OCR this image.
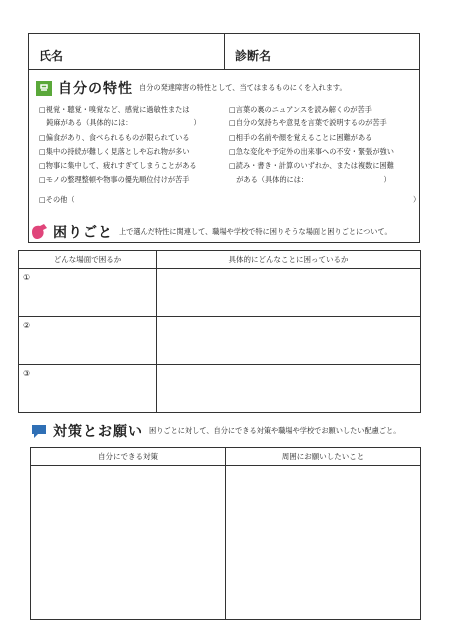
氏名	診断名
自分の特性 自分の発達障害の特性として、当てはまるものにくを入れます。
□視覚・聴覚・嗅覚など、感覚に過敏性または
　鈍麻がある（具体的には：　　　　　　　　　）
□偏食があり、食べられるものが限られている
□集中の持続が難しく見落としや忘れ物が多い
□物事に集中して、疲れすぎてしまうことがある
□モノの整理整頓や物事の優先順位付けが苦手
□その他（	）
□言葉の裏のニュアンスを読み解くのが苦手
□自分の気持ちや意見を言葉で説明するのが苦手
□相手の名前や顔を覚えることに困難がある
□急な変化や予定外の出来事への不安・緊張が強い
□読み・書き・計算のいずれか、または複数に困難
　がある（具体的には：　　　　　　　　　　　）
困りごと 上で選んだ特性に関連して、職場や学校で特に困りそうな場面と困りごとについて。
どんな場面で困るか	具体的にどんなことに困っているか
①	
②	
③	
対策とお願い 困りごとに対して、自分にできる対策や職場や学校でお願いしたい配慮ごと。
自分にできる対策	周囲にお願いしたいこと
